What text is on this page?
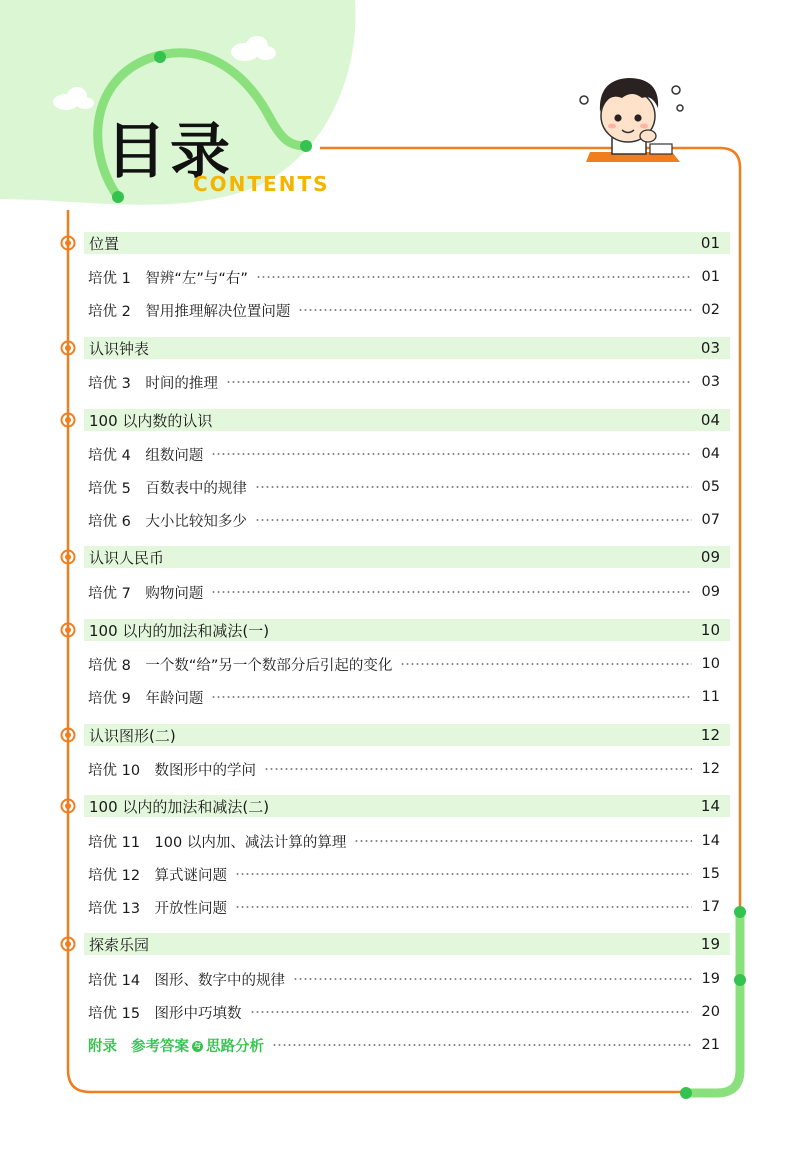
目录
CONTENTS
位置	01
培优 1　智辨“左”与“右”	01
培优 2　智用推理解决位置问题	02
认识钟表	03
培优 3　时间的推理	03
100 以内数的认识	04
培优 4　组数问题	04
培优 5　百数表中的规律	05
培优 6　大小比较知多少	07
认识人民币	09
培优 7　购物问题	09
100 以内的加法和减法(一)	10
培优 8　一个数“给”另一个数部分后引起的变化	10
培优 9　年龄问题	11
认识图形(二)	12
培优 10　数图形中的学问	12
100 以内的加法和减法(二)	14
培优 11　100 以内加、减法计算的算理	14
培优 12　算式谜问题	15
培优 13　开放性问题	17
探索乐园	19
培优 14　图形、数字中的规律	19
培优 15　图形中巧填数	20
附录 参考答案 与 思路分析	21
